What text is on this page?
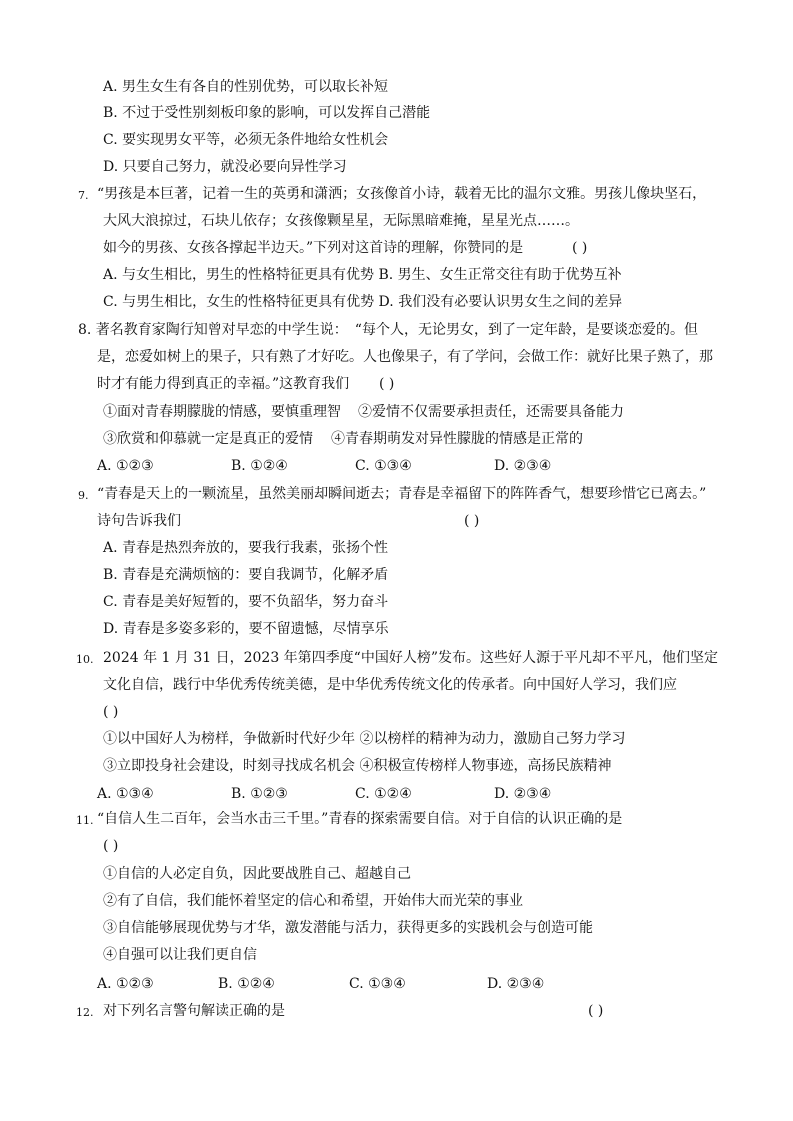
A. 男生女生有各自的性别优势，可以取长补短
B. 不过于受性别刻板印象的影响，可以发挥自己潜能
C. 要实现男女平等，必须无条件地给女性机会
D. 只要自己努力，就没必要向异性学习
7. “男孩是本巨著，记着一生的英勇和潇洒；女孩像首小诗，载着无比的温尔文雅。男孩儿像块坚石，
大风大浪掠过，石块儿依存；女孩像颗星星，无际黑暗难掩，星星光点……。
如今的男孩、女孩各撑起半边天。”下列对这首诗的理解，你赞同的是	( )
A. 与女生相比，男生的性格特征更具有优势 B. 男生、女生正常交往有助于优势互补
C. 与男生相比，女生的性格特征更具有优势 D. 我们没有必要认识男女生之间的差异
8. 著名教育家陶行知曾对早恋的中学生说：　“每个人，无论男女，到了一定年龄，是要谈恋爱的。但
是，恋爱如树上的果子，只有熟了才好吃。人也像果子，有了学问，会做工作：就好比果子熟了，那
时才有能力得到真正的幸福。”这教育我们 ( )
①面对青春期朦胧的情感，要慎重理智 ②爱情不仅需要承担责任，还需要具备能力
③欣赏和仰慕就一定是真正的爱情 ④青春期萌发对异性朦胧的情感是正常的
A. ①②③	B. ①②④	C. ①③④	D. ②③④
9. “青春是天上的一颗流星，虽然美丽却瞬间逝去；青春是幸福留下的阵阵香气，想要珍惜它已离去。”
诗句告诉我们	( )
A. 青春是热烈奔放的，要我行我素，张扬个性
B. 青春是充满烦恼的：要自我调节，化解矛盾
C. 青春是美好短暂的，要不负韶华，努力奋斗
D. 青春是多姿多彩的，要不留遗憾，尽情享乐
10. 2024 年 1 月 31 日，2023 年第四季度“中国好人榜”发布。这些好人源于平凡却不平凡，他们坚定
文化自信，践行中华优秀传统美德，是中华优秀传统文化的传承者。向中国好人学习，我们应
( )
①以中国好人为榜样，争做新时代好少年 ②以榜样的精神为动力，激励自己努力学习
③立即投身社会建设，时刻寻找成名机会 ④积极宣传榜样人物事迹，高扬民族精神
A. ①③④	B. ①②③	C. ①②④	D. ②③④
11. “自信人生二百年，会当水击三千里。”青春的探索需要自信。对于自信的认识正确的是
( )
①自信的人必定自负，因此要战胜自己、超越自己
②有了自信，我们能怀着坚定的信心和希望，开始伟大而光荣的事业
③自信能够展现优势与才华，激发潜能与活力，获得更多的实践机会与创造可能
④自强可以让我们更自信
A. ①②③	B. ①②④	C. ①③④	D. ②③④
12. 对下列名言警句解读正确的是	( )
